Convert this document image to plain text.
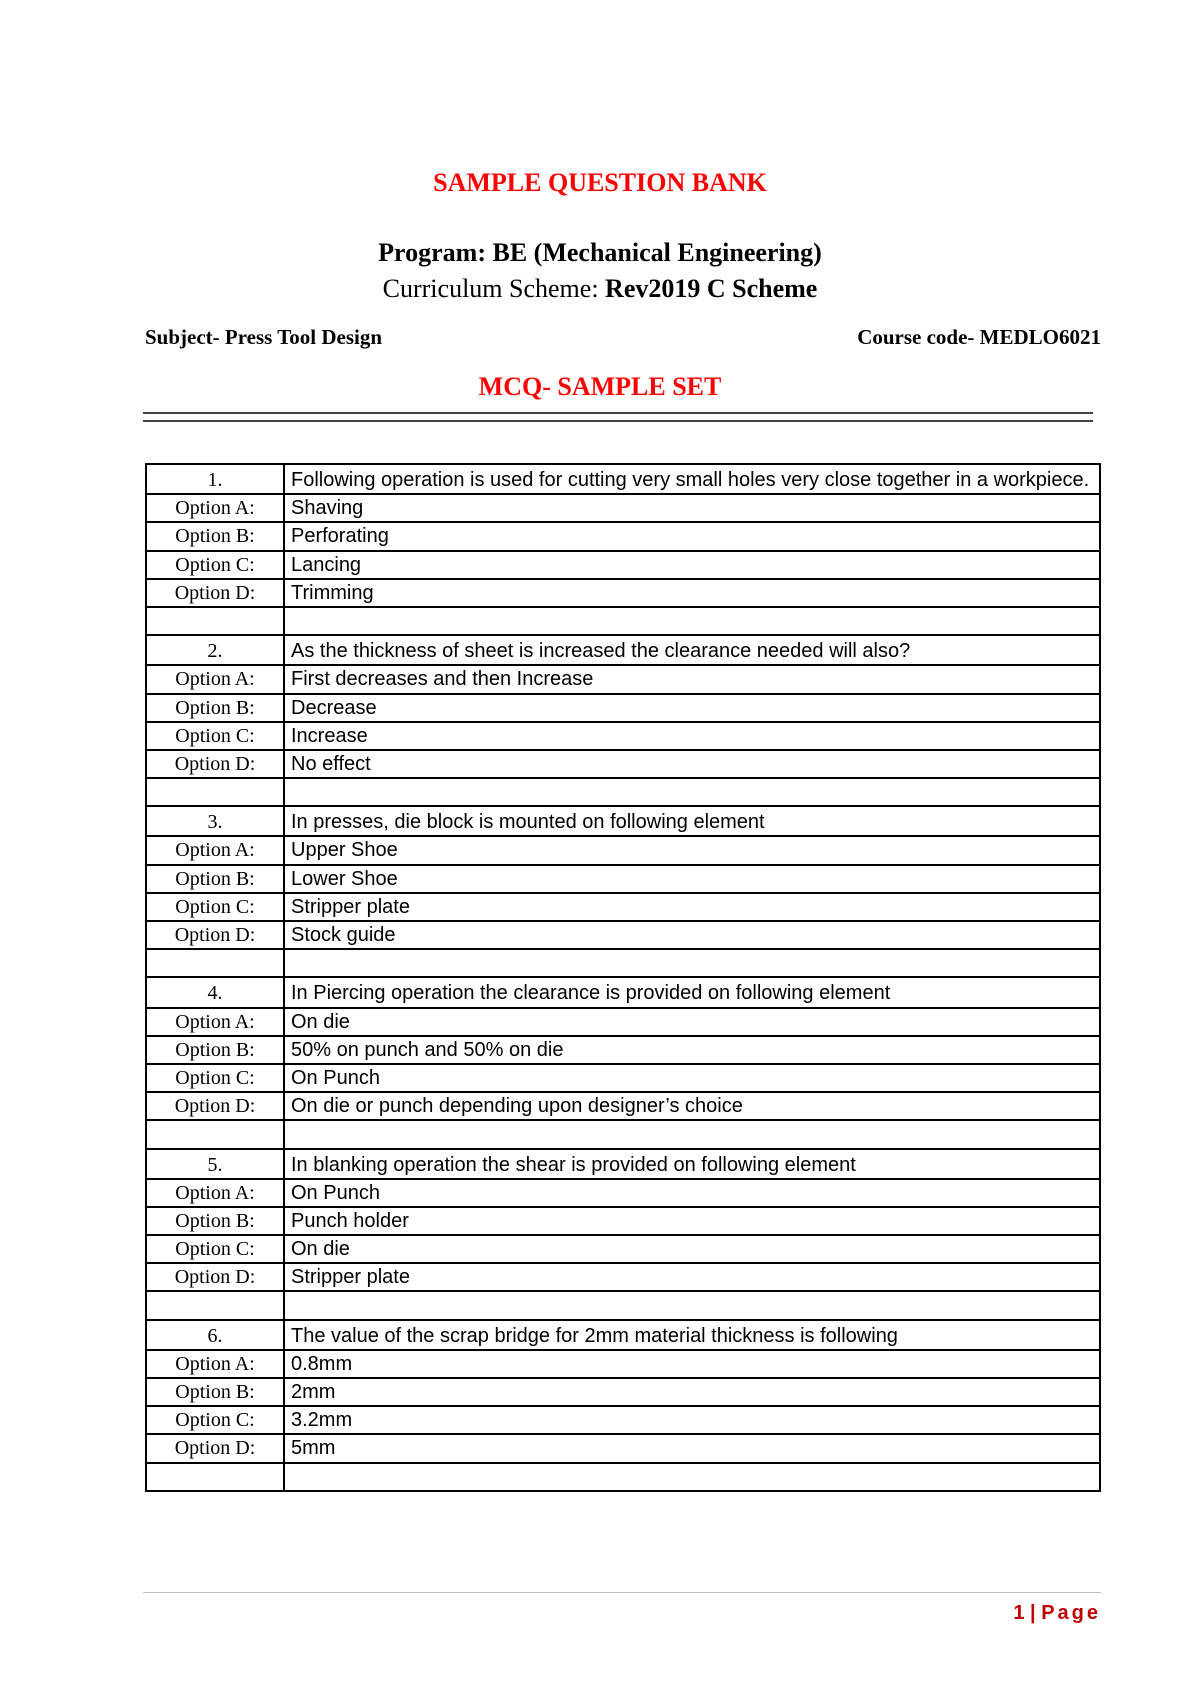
SAMPLE QUESTION BANK
Program: BE (Mechanical Engineering)
Curriculum Scheme: Rev2019 C Scheme
Subject- Press Tool Design	Course code- MEDLO6021
MCQ- SAMPLE SET
1.	Following operation is used for cutting very small holes very close together in a workpiece.
Option A:	Shaving
Option B:	Perforating
Option C:	Lancing
Option D:	Trimming

2.	As the thickness of sheet is increased the clearance needed will also?
Option A:	First decreases and then Increase
Option B:	Decrease
Option C:	Increase
Option D:	No effect

3.	In presses, die block is mounted on following element
Option A:	Upper Shoe
Option B:	Lower Shoe
Option C:	Stripper plate
Option D:	Stock guide

4.	In Piercing operation the clearance is provided on following element
Option A:	On die
Option B:	50% on punch and 50% on die
Option C:	On Punch
Option D:	On die or punch depending upon designer’s choice

5.	In blanking operation the shear is provided on following element
Option A:	On Punch
Option B:	Punch holder
Option C:	On die
Option D:	Stripper plate

6.	The value of the scrap bridge for 2mm material thickness is following
Option A:	0.8mm
Option B:	2mm
Option C:	3.2mm
Option D:	5mm

1 | Page
